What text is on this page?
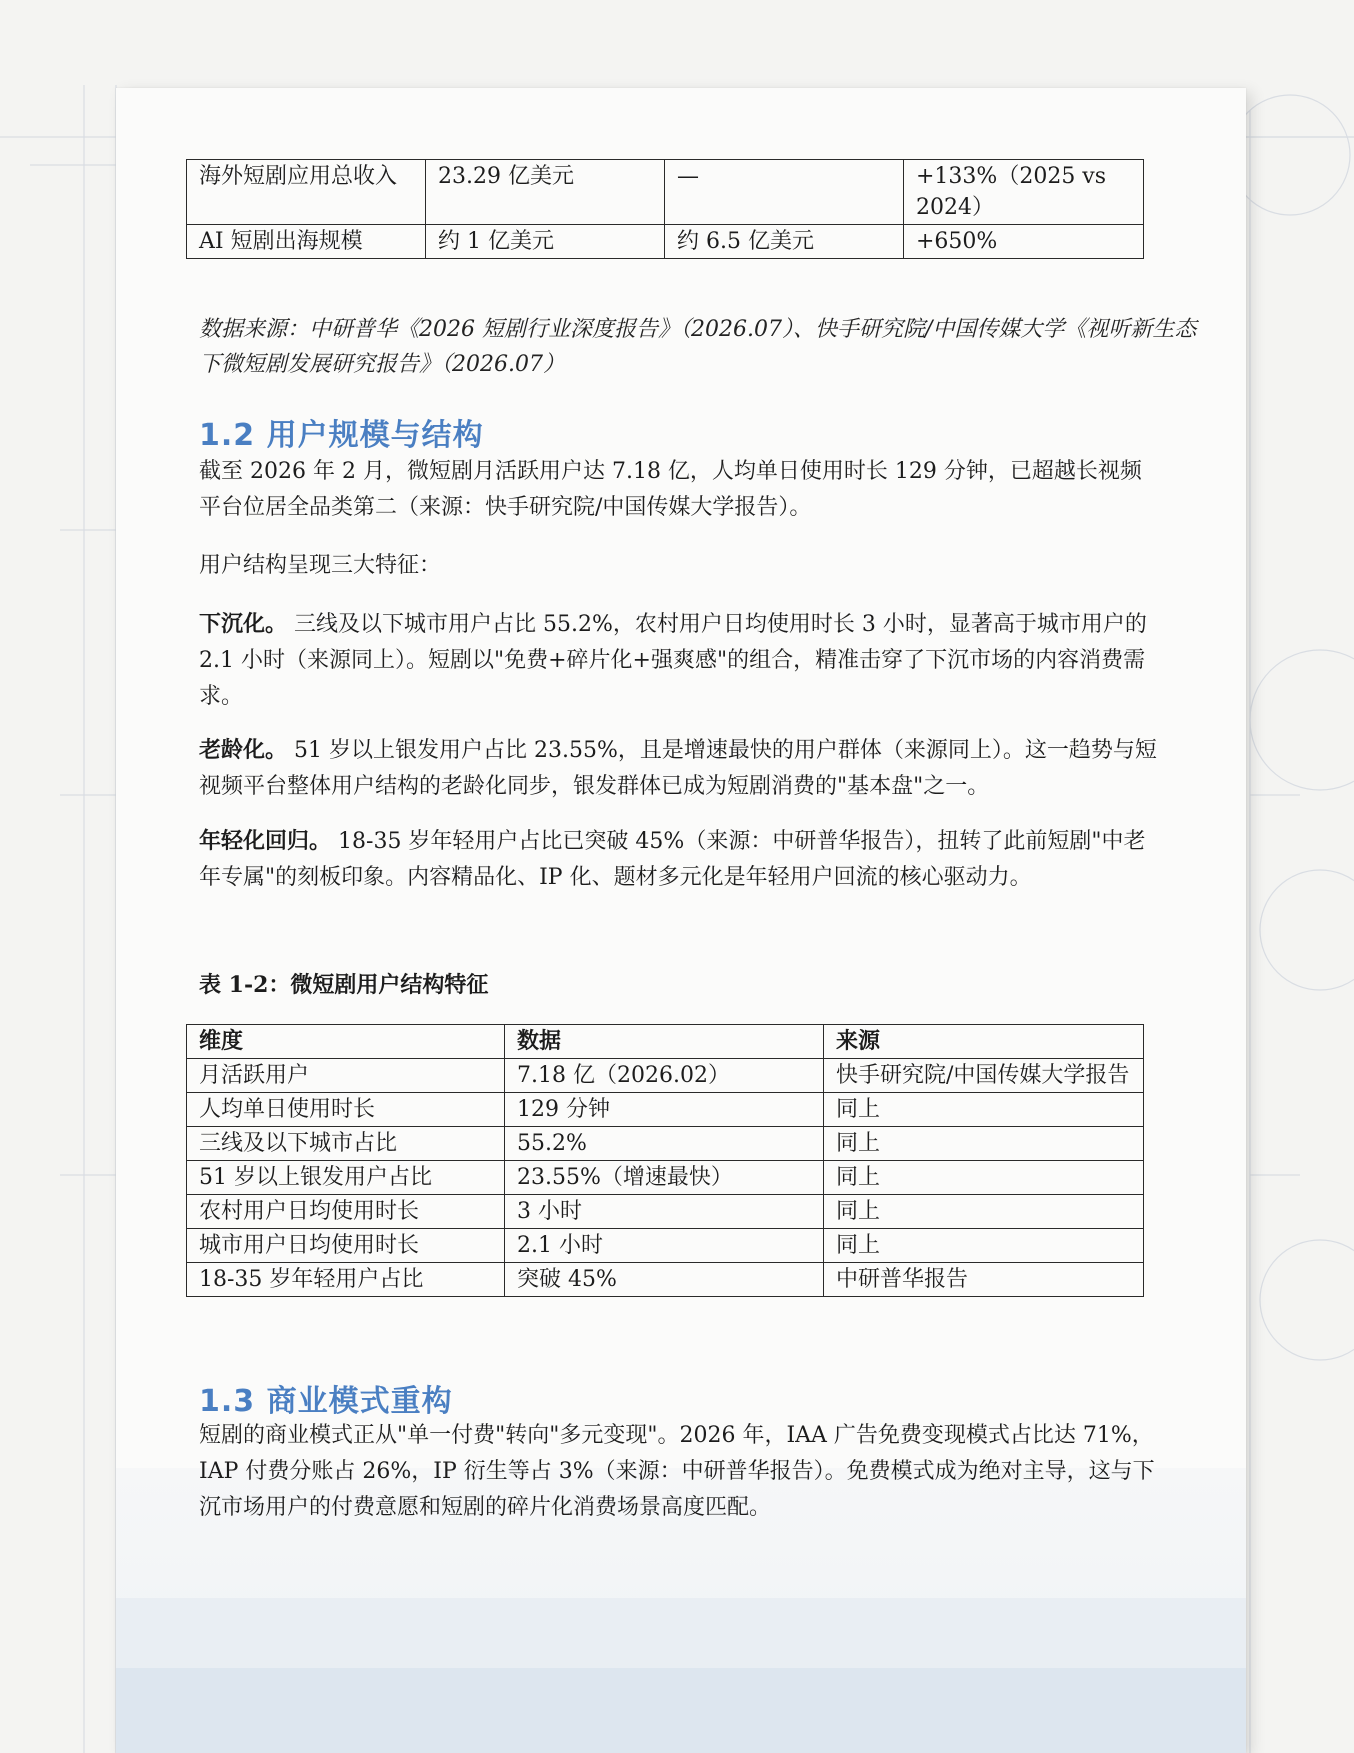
海外短剧应用总收入	23.29 亿美元	—	+133%（2025 vs 2024）
AI 短剧出海规模	约 1 亿美元	约 6.5 亿美元	+650%
数据来源：中研普华《2026 短剧行业深度报告》（2026.07）、快手研究院/中国传媒大学《视听新生态下微短剧发展研究报告》（2026.07）
1.2 用户规模与结构
截至 2026 年 2 月，微短剧月活跃用户达 7.18 亿，人均单日使用时长 129 分钟，已超越长视频平台位居全品类第二（来源：快手研究院/中国传媒大学报告）。
用户结构呈现三大特征：
下沉化。 三线及以下城市用户占比 55.2%，农村用户日均使用时长 3 小时，显著高于城市用户的 2.1 小时（来源同上）。短剧以"免费+碎片化+强爽感"的组合，精准击穿了下沉市场的内容消费需求。
老龄化。 51 岁以上银发用户占比 23.55%，且是增速最快的用户群体（来源同上）。这一趋势与短视频平台整体用户结构的老龄化同步，银发群体已成为短剧消费的"基本盘"之一。
年轻化回归。 18-35 岁年轻用户占比已突破 45%（来源：中研普华报告），扭转了此前短剧"中老年专属"的刻板印象。内容精品化、IP 化、题材多元化是年轻用户回流的核心驱动力。
表 1-2：微短剧用户结构特征
维度	数据	来源
月活跃用户	7.18 亿（2026.02）	快手研究院/中国传媒大学报告
人均单日使用时长	129 分钟	同上
三线及以下城市占比	55.2%	同上
51 岁以上银发用户占比	23.55%（增速最快）	同上
农村用户日均使用时长	3 小时	同上
城市用户日均使用时长	2.1 小时	同上
18-35 岁年轻用户占比	突破 45%	中研普华报告
1.3 商业模式重构
短剧的商业模式正从"单一付费"转向"多元变现"。2026 年，IAA 广告免费变现模式占比达 71%，IAP 付费分账占 26%，IP 衍生等占 3%（来源：中研普华报告）。免费模式成为绝对主导，这与下沉市场用户的付费意愿和短剧的碎片化消费场景高度匹配。
